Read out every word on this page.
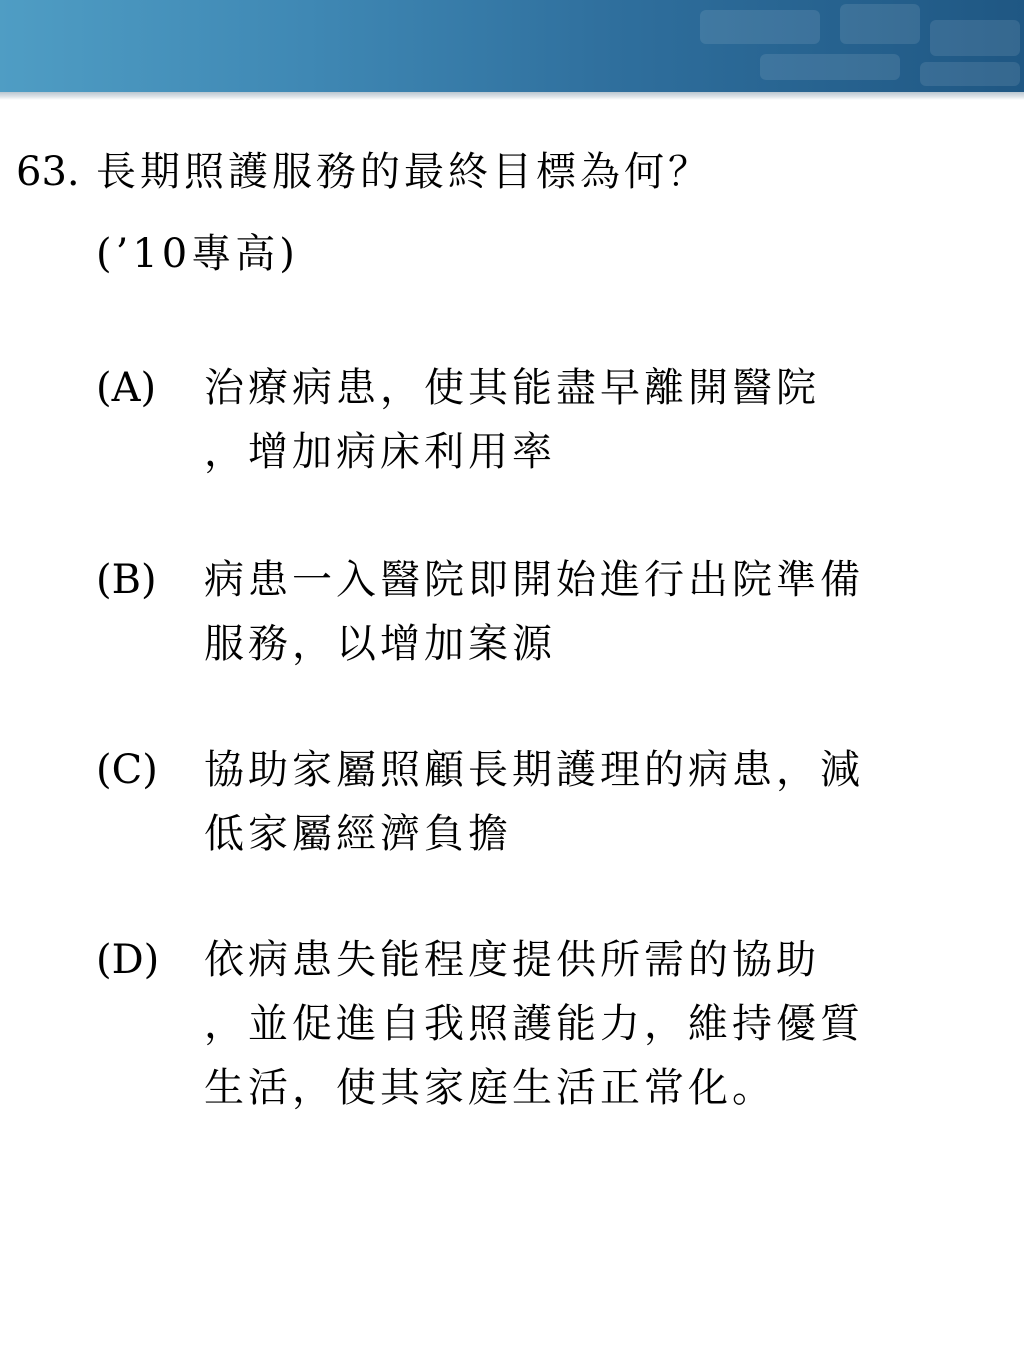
63. 長期照護服務的最終目標為何？
(’10專高)
(A) 治療病患，使其能盡早離開醫院
，增加病床利用率
(B) 病患一入醫院即開始進行出院準備
服務，以增加案源
(C) 協助家屬照顧長期護理的病患，減
低家屬經濟負擔
(D) 依病患失能程度提供所需的協助
，並促進自我照護能力，維持優質
生活，使其家庭生活正常化。
